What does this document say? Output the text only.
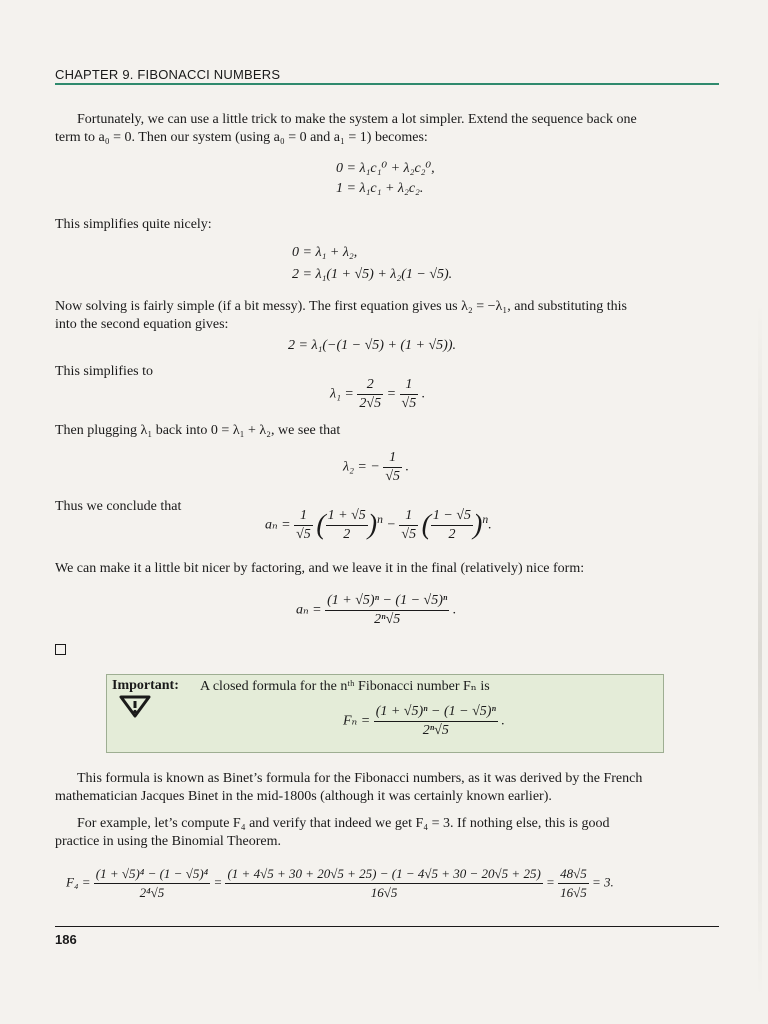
CHAPTER 9. FIBONACCI NUMBERS
Fortunately, we can use a little trick to make the system a lot simpler. Extend the sequence back one
term to a₀ = 0. Then our system (using a₀ = 0 and a₁ = 1) becomes:
0 = λ₁c₁⁰ + λ₂c₂⁰,
1 = λ₁c₁ + λ₂c₂.
This simplifies quite nicely:
0 = λ₁ + λ₂,
2 = λ₁(1 + √5) + λ₂(1 − √5).
Now solving is fairly simple (if a bit messy). The first equation gives us λ₂ = −λ₁, and substituting this
into the second equation gives:
2 = λ₁(−(1 − √5) + (1 + √5)).
This simplifies to
$\lambda_1 = \frac{2}{2√5} = \frac{1}{√5}$ .
Then plugging λ₁ back into 0 = λ₁ + λ₂, we see that
λ₂ = − $\frac{1}{√5}$ .
Thus we conclude that
$a_n = \frac{1}{√5}$ ( $\frac{1 + √5}{2} )^n - \frac{1}{√5}$ ( $\frac{1 - √5}{2} )^n$.
We can make it a little bit nicer by factoring, and we leave it in the final (relatively) nice form:
$a_n = \frac{\text{(1 + √5)ⁿ − (1 − √5)ⁿ}}{\text{2ⁿ√5}}$ .
Important: A closed formula for the nᵗʰ Fibonacci number Fₙ is
$F_n = \frac{\text{(1 + √5)ⁿ − (1 − √5)ⁿ}}{\text{2ⁿ√5}}$ .
This formula is known as Binet’s formula for the Fibonacci numbers, as it was derived by the French
mathematician Jacques Binet in the mid-1800s (although it was certainly known earlier).
For example, let’s compute F₄ and verify that indeed we get F₄ = 3. If nothing else, this is good
practice in using the Binomial Theorem.
$F_4 = \frac{\text{(1 + √5)⁴ − (1 − √5)⁴}}{\text{2⁴√5}} = \frac{(1 + 4√5 + 30 + 20√5 + 25) - (1 - 4√5 + 30 - 20√5 + 25)}{16√5} = \frac{48√5}{16√5} = 3$.
186
